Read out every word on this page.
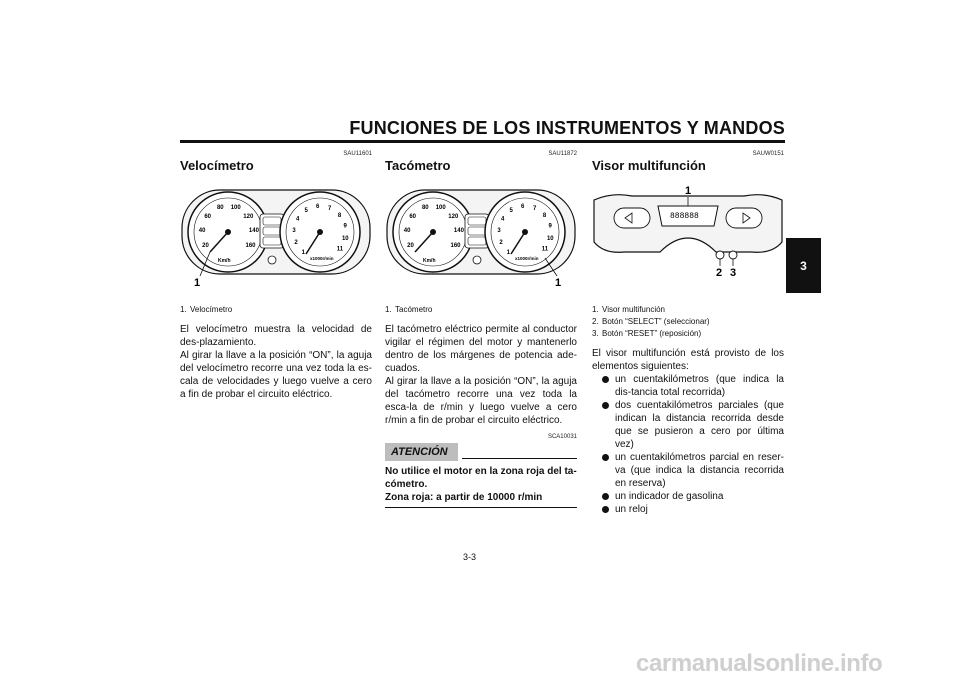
FUNCIONES DE LOS INSTRUMENTOS Y MANDOS
3
SAU11601
Velocímetro
20
40
60
80 100
120
140
160
Km/h
1
2
3
4
5
6 7
8
9
10
11
x1000r/min
1
1. Velocímetro

El velocímetro muestra la velocidad de des-plazamiento.

Al girar la llave a la posición “ON”, la aguja del velocímetro recorre una vez toda la es-cala de velocidades y luego vuelve a cero a fin de probar el circuito eléctrico.

SAU11872
Tacómetro
20
40
60
80 100
120
140
160
Km/h
1
2
3
4
5
6 7
8
9
10
11
x1000r/min
1
1. Tacómetro

El tacómetro eléctrico permite al conductor vigilar el régimen del motor y mantenerlo dentro de los márgenes de potencia ade-cuados.

Al girar la llave a la posición “ON”, la aguja del tacómetro recorre una vez toda la esca-la de r/min y luego vuelve a cero r/min a fin de probar el circuito eléctrico.

SCA10031
ATENCIÓN

No utilice el motor en la zona roja del ta-cómetro.

Zona roja: a partir de 10000 r/min

SAUW0151
Visor multifunción
888888
1
2 3
1. Visor multifunción
2. Botón “SELECT” (seleccionar)
3. Botón “RESET” (reposición)

El visor multifunción está provisto de los elementos siguientes:

un cuentakilómetros (que indica la dis-tancia total recorrida)
dos cuentakilómetros parciales (que indican la distancia recorrida desde que se pusieron a cero por última vez)
un cuentakilómetros parcial en reser-va (que indica la distancia recorrida en reserva)
un indicador de gasolina
un reloj
3-3
carmanualsonline.info
